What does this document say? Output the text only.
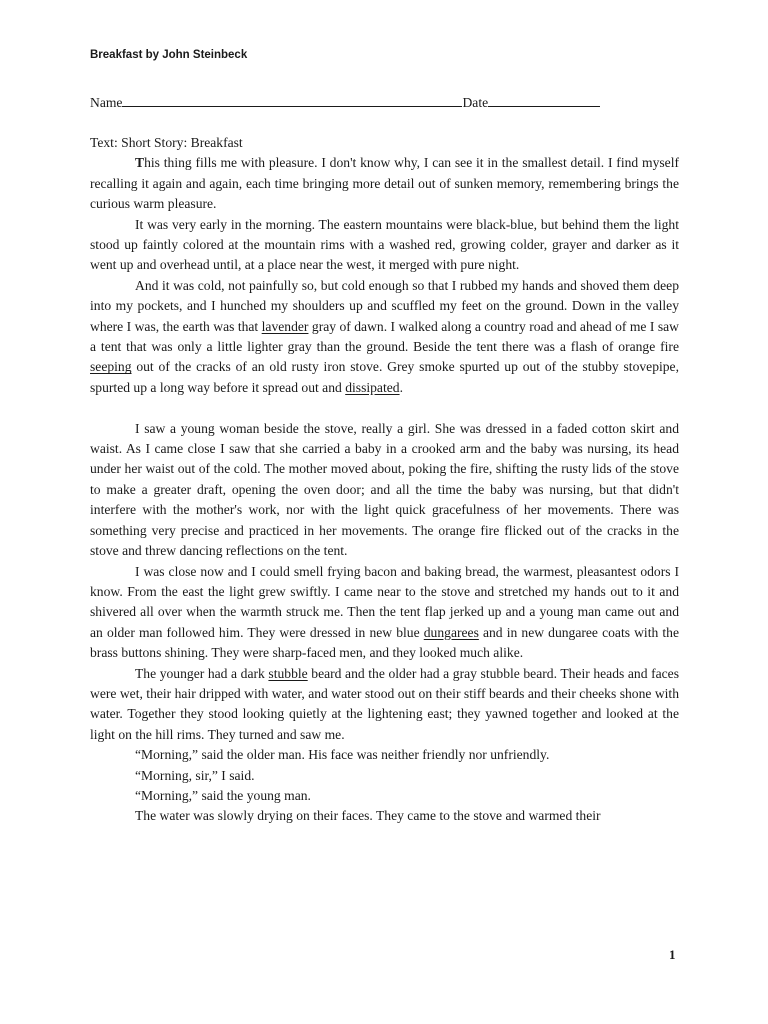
Breakfast by John Steinbeck
Name	Date

Text: Short Story: Breakfast

This thing fills me with pleasure. I don't know why, I can see it in the smallest detail. I find myself recalling it again and again, each time bringing more detail out of sunken memory, remembering brings the curious warm pleasure.

It was very early in the morning. The eastern mountains were black-blue, but behind them the light stood up faintly colored at the mountain rims with a washed red, growing colder, grayer and darker as it went up and overhead until, at a place near the west, it merged with pure night.

And it was cold, not painfully so, but cold enough so that I rubbed my hands and shoved them deep into my pockets, and I hunched my shoulders up and scuffled my feet on the ground. Down in the valley where I was, the earth was that lavender gray of dawn. I walked along a country road and ahead of me I saw a tent that was only a little lighter gray than the ground. Beside the tent there was a flash of orange fire seeping out of the cracks of an old rusty iron stove. Grey smoke spurted up out of the stubby stovepipe, spurted up a long way before it spread out and dissipated.

I saw a young woman beside the stove, really a girl. She was dressed in a faded cotton skirt and waist. As I came close I saw that she carried a baby in a crooked arm and the baby was nursing, its head under her waist out of the cold. The mother moved about, poking the fire, shifting the rusty lids of the stove to make a greater draft, opening the oven door; and all the time the baby was nursing, but that didn't interfere with the mother's work, nor with the light quick gracefulness of her movements. There was something very precise and practiced in her movements. The orange fire flicked out of the cracks in the stove and threw dancing reflections on the tent.

I was close now and I could smell frying bacon and baking bread, the warmest, pleasantest odors I know. From the east the light grew swiftly. I came near to the stove and stretched my hands out to it and shivered all over when the warmth struck me. Then the tent flap jerked up and a young man came out and an older man followed him. They were dressed in new blue dungarees and in new dungaree coats with the brass buttons shining. They were sharp-faced men, and they looked much alike.

The younger had a dark stubble beard and the older had a gray stubble beard. Their heads and faces were wet, their hair dripped with water, and water stood out on their stiff beards and their cheeks shone with water. Together they stood looking quietly at the lightening east; they yawned together and looked at the light on the hill rims. They turned and saw me.

“Morning,” said the older man. His face was neither friendly nor unfriendly.

“Morning, sir,” I said.

“Morning,” said the young man.

The water was slowly drying on their faces. They came to the stove and warmed their

1
